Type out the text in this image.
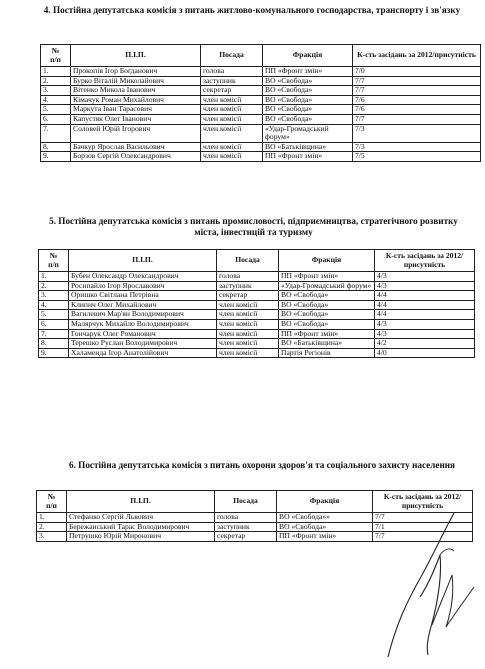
4. Постійна депутатська комісія з питань житлово-комунального господарства, транспорту і зв'язку
№
п/п	П.І.П.	Посада	Фракція	К-сть засідань за 2012/присутність
1.	Прокопів Ігор Богданович	голова	ПП «Фронт змін»	7/0
2.	Бурко Віталій Миколайович	заступник	ВО «Свобода»	7/7
3.	Вітенко Микола Іванович	секретар	ВО «Свобода»	7/7
4.	Кімачук Роман Михайлович	член комісії	ВО «Свобода»	7/6
5.	Маркута Іван Тарасович	член комісії	ВО «Свобода»	7/6
6.	Капустяк Олег Іванович	член комісії	ВО «Свобода»	7/7
7.	Соловей Юрій Ігорович	член комісії	«Удар-Громадський форум»	7/3
8.	Бачкур Ярослав Васильович	член комісії	ВО «Батьківщина»	7/3
9.	Борзов Сергій Олександрович	член комісії	ПП «Фронт змін»	7/5
5. Постійна депутатська комісія з питань промисловості, підприємництва, стратегічного розвитку міста, інвестицій та туризму
№
п/п	П.І.П.	Посада	Фракція	К-сть засідань за 2012/присутність
1.	Бубен Олександр Олександрович	голова	ПП «Фронт змін»	4/3
2.	Росипайло Ігор Ярославович	заступник	«Удар-Громадський форум»	4/3
3.	Оришко Світлана Петрівна	секретар	ВО «Свобода»	4/4
4.	Клипич Олег Михайлович	член комісії	ВО «Свобода»	4/4
5.	Вагилевич Мар'ян Володимирович	член комісії	ВО «Свобода»	4/4
6.	Малярчук Михайло Володимирович	член комісії	ВО «Свобода»	4/3
7.	Гончарук Олег Романович	член комісії	ПП «Фронт змін»	4/3
8.	Терешко Руслан Володимирович	член комісії	ВО «Батьківщина»	4/2
9.	Халаменда Ігор Анатолійович	член комісії	Партія Регіонів	4/0
6. Постійна депутатська комісія з питань охорони здоров'я та соціального захисту населення
№
п/п	П.І.П.	Посада	Фракція	К-сть засідань за 2012/присутність
1.	Стефанко Сергій Львович	голова	ВО «Свобода»»	7/7
2.	Бережанський Тарас Володимирович	заступник	ВО «Свобода»	7/1
3.	Петрушко Юрій Миронович	секретар	ПП «Фронт змін»	7/7
